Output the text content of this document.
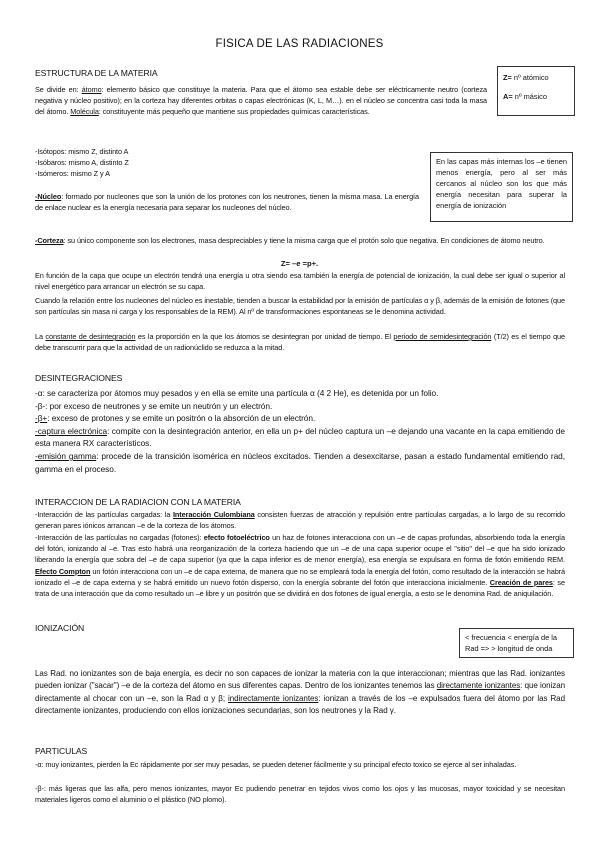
FISICA DE LAS RADIACIONES
ESTRUCTURA DE LA MATERIA	Z= nº atómico
A= nº másico
Se divide en: átomo: elemento básico que constituye la materia. Para que el átomo sea estable debe ser eléctricamente neutro (corteza negativa y núcleo positivo); en la corteza hay diferentes orbitas o capas electrónicas (K, L, M…). en el núcleo se concentra casi toda la masa del átomo. Molécula: constituyente más pequeño que mantiene sus propiedades químicas características.
En las capas más internas los –e tienen menos energía, pero al ser más cercanos al núcleo son los que más energía necesitan para superar la energía de ionización
-Isótopos: mismo Z, distinto A
-Isóbaros: mismo A, distinto Z
-Isómeros: mismo Z y A
-Núcleo: formado por nucleones que son la unión de los protones con los neutrones, tienen la misma masa. La energía de enlace nuclear es la energía necesaria para separar los nucleones del núcleo.
-Corteza: su único componente son los electrones, masa despreciables y tiene la misma carga que el protón solo que negativa. En condiciones de átomo neutro.
Z= –e =p+.
En función de la capa que ocupe un electrón tendrá una energía u otra siendo esa también la energía de potencial de ionización, la cual debe ser igual o superior al nivel energético para arrancar un electrón se su capa.
Cuando la relación entre los nucleones del núcleo es inestable, tienden a buscar la estabilidad por la emisión de partículas α y β, además de la emisión de fotones (que son partículas sin masa ni carga y los responsables de la REM). Al nº de transformaciones espontaneas se le denomina actividad.
La constante de desintegración es la proporción en la que los átomos se desintegran por unidad de tiempo. El periodo de semidesintegración (T/2) es el tiempo que debe transcurrir para que la actividad de un radionúclido se reduzca a la mitad.
DESINTEGRACIONES
-α: se caracteriza por átomos muy pesados y en ella se emite una partícula α (4 2 He), es detenida por un folio.
-β-: por exceso de neutrones y se emite un neutrón y un electrón.
-β+: exceso de protones y se emite un positrón o la absorción de un electrón.
-captura electrónica: compite con la desintegración anterior, en ella un p+ del núcleo captura un –e dejando una vacante en la capa emitiendo de esta manera RX característicos.
-emisión gamma: procede de la transición isomérica en núcleos excitados. Tienden a desexcitarse, pasan a estado fundamental emitiendo rad, gamma en el proceso.
INTERACCION DE LA RADIACION CON LA MATERIA
-Interacción de las partículas cargadas: la Interacción Culombiana consisten fuerzas de atracción y repulsión entre partículas cargadas, a lo largo de su recorrido generan pares iónicos arrancan –e de la corteza de los átomos.
-Interacción de las partículas no cargadas (fotones): efecto fotoeléctrico un haz de fotones interacciona con un –e de capas profundas, absorbiendo toda la energía del fotón, ionizando al –e. Tras esto habrá una reorganización de la corteza haciendo que un –e de una capa superior ocupe el "sitio" del –e que ha sido ionizado liberando la energía que sobra del –e de capa superior (ya que la capa inferior es de menor energía), esa energía se expulsara en forma de fotón emitiendo REM. Efecto Compton un fotón interacciona con un –e de capa externa, de manera que no se empleará toda la energía del fotón, como resultado de la interacción se habrá ionizado el –e de capa externa y se habrá emitido un nuevo fotón disperso, con la energía sobrante del fotón que interacciona inicialmente. Creación de pares: se trata de una interacción que da como resultado un –e libre y un positrón que se dividirá en dos fotones de igual energía, a esto se le denomina Rad. de aniquilación.
< frecuencia < energía de la
Rad => > longitud de onda
IONIZACIÓN
Las Rad. no ionizantes son de baja energía, es decir no son capaces de ionizar la materia con la que interaccionan; mientras que las Rad. ionizantes pueden ionizar ("sacar") –e de la corteza del átomo en sus diferentes capas. Dentro de los ionizantes tenemos las directamente ionizantes: que ionizan directamente al chocar con un –e, son la Rad α y β; indirectamente ionizantes: ionizan a través de los –e expulsados fuera del átomo por las Rad directamente ionizantes, produciendo con ellos ionizaciones secundarias, son los neutrones y la Rad γ.
PARTICULAS
-α: muy ionizantes, pierden la Ec rápidamente por ser muy pesadas, se pueden detener fácilmente y su principal efecto toxico se ejerce al ser inhaladas.
-β-: más ligeras que las alfa, pero menos ionizantes, mayor Ec pudiendo penetrar en tejidos vivos como los ojos y las mucosas, mayor toxicidad y se necesitan materiales ligeros como el aluminio o el plástico (NO plomo).
